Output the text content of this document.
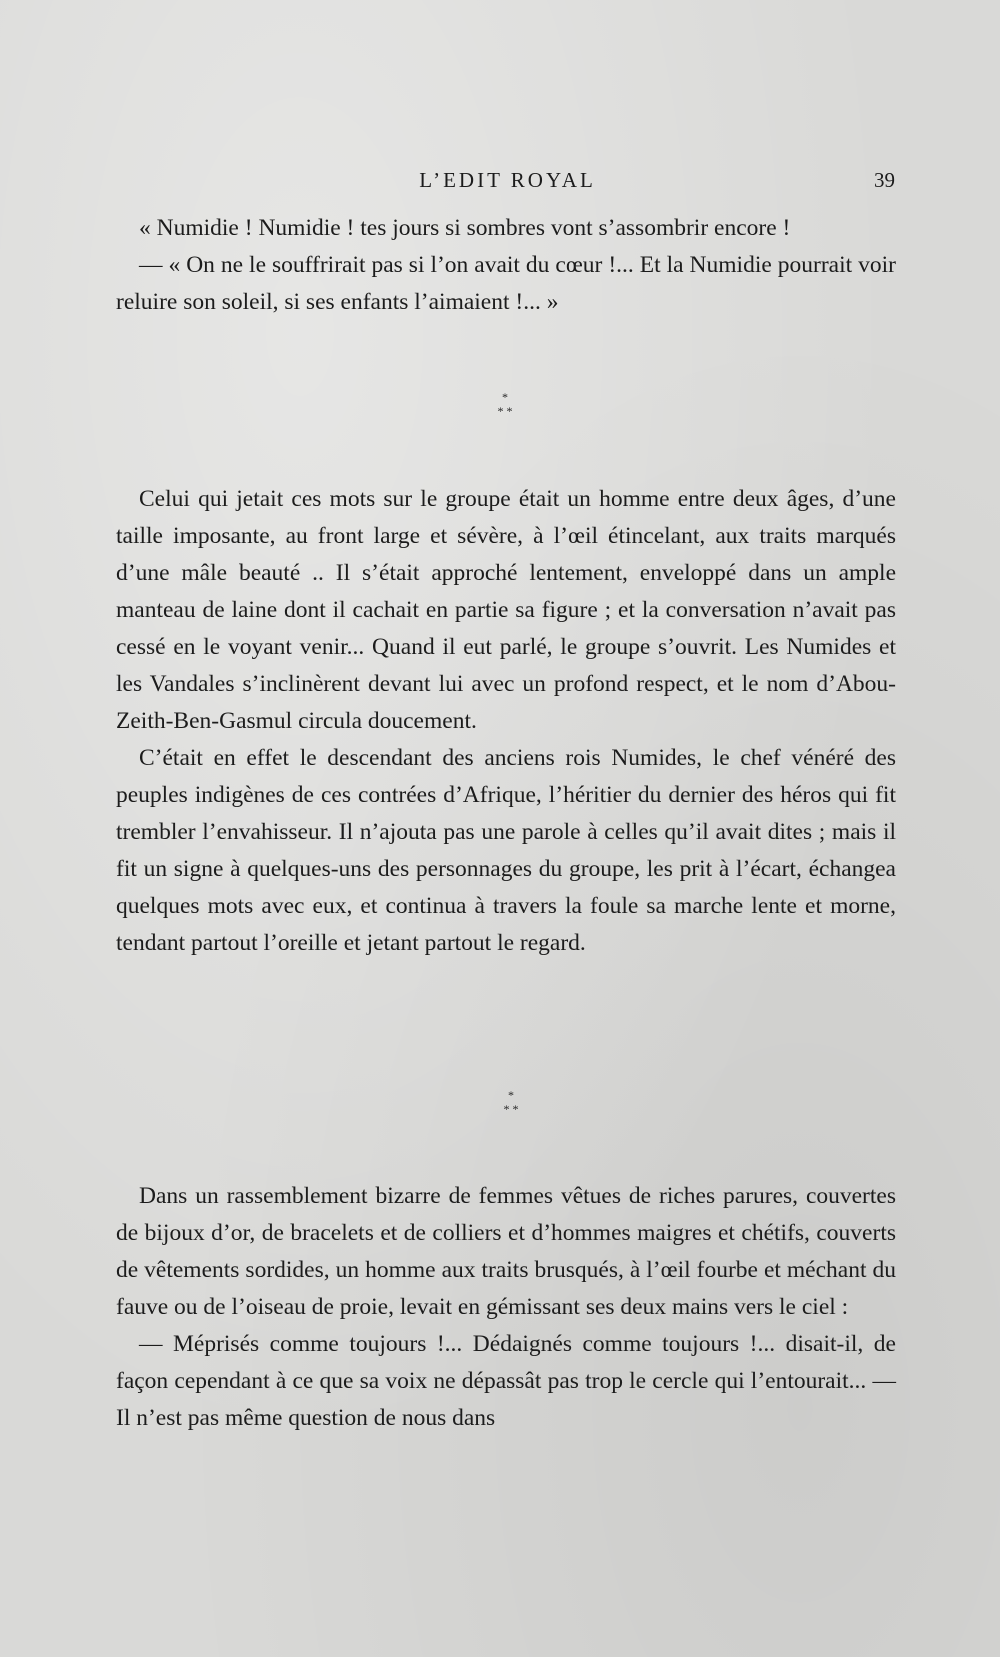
L’EDIT ROYAL	39

« Numidie ! Numidie ! tes jours si sombres vont s’assombrir encore !

— « On ne le souffrirait pas si l’on avait du cœur !... Et la Numidie pourrait voir reluire son soleil, si ses enfants l’aimaient !... »

*
* *

Celui qui jetait ces mots sur le groupe était un homme entre deux âges, d’une taille imposante, au front large et sévère, à l’œil étincelant, aux traits marqués d’une mâle beauté .. Il s’était approché lentement, enveloppé dans un ample manteau de laine dont il cachait en partie sa figure ; et la conversation n’avait pas cessé en le voyant venir... Quand il eut parlé, le groupe s’ouvrit. Les Numides et les Vandales s’inclinèrent devant lui avec un profond respect, et le nom d’Abou-Zeith-Ben-Gasmul circula doucement.

C’était en effet le descendant des anciens rois Numides, le chef vénéré des peuples indigènes de ces contrées d’Afrique, l’héritier du dernier des héros qui fit trembler l’envahisseur. Il n’ajouta pas une parole à celles qu’il avait dites ; mais il fit un signe à quelques-uns des personnages du groupe, les prit à l’écart, échangea quelques mots avec eux, et continua à travers la foule sa marche lente et morne, tendant partout l’oreille et jetant partout le regard.

*
* *

Dans un rassemblement bizarre de femmes vêtues de riches parures, couvertes de bijoux d’or, de bracelets et de colliers et d’hommes maigres et chétifs, couverts de vêtements sordides, un homme aux traits brusqués, à l’œil fourbe et méchant du fauve ou de l’oiseau de proie, levait en gémissant ses deux mains vers le ciel :

— Méprisés comme toujours !... Dédaignés comme toujours !... disait-il, de façon cependant à ce que sa voix ne dépassât pas trop le cercle qui l’entourait... — Il n’est pas même question de nous dans
